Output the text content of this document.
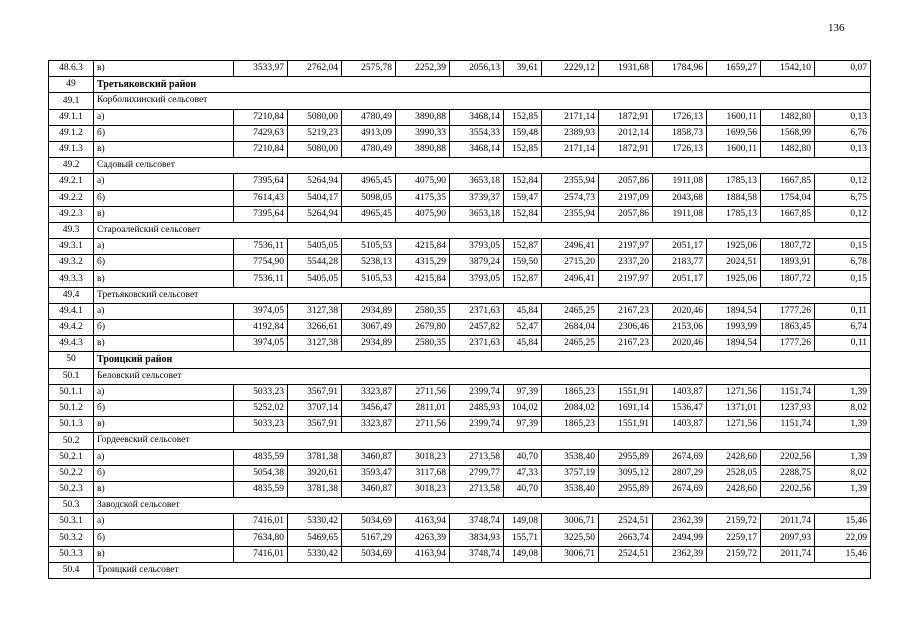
136
48.6.3	в)	3533,97	2762,04	2575,78	2252,39	2056,13	39,61	2229,12	1931,68	1784,96	1659,27	1542,10	0,07
49	Третьяковский район												
49.1	Корболихинский сельсовет												
49.1.1	а)	7210,84	5080,00	4780,49	3890,88	3468,14	152,85	2171,14	1872,91	1726,13	1600,11	1482,80	0,13
49.1.2	б)	7429,63	5219,23	4913,09	3990,33	3554,33	159,48	2389,93	2012,14	1858,73	1699,56	1568,99	6,76
49.1.3	в)	7210,84	5080,00	4780,49	3890,88	3468,14	152,85	2171,14	1872,91	1726,13	1600,11	1482,80	0,13
49.2	Садовый сельсовет												
49.2.1	а)	7395,64	5264,94	4965,45	4075,90	3653,18	152,84	2355,94	2057,86	1911,08	1785,13	1667,85	0,12
49.2.2	б)	7614,43	5404,17	5098,05	4175,35	3739,37	159,47	2574,73	2197,09	2043,68	1884,58	1754,04	6,75
49.2.3	в)	7395,64	5264,94	4965,45	4075,90	3653,18	152,84	2355,94	2057,86	1911,08	1785,13	1667,85	0,12
49.3	Староалейский сельсовет												
49.3.1	а)	7536,11	5405,05	5105,53	4215,84	3793,05	152,87	2496,41	2197,97	2051,17	1925,06	1807,72	0,15
49.3.2	б)	7754,90	5544,28	5238,13	4315,29	3879,24	159,50	2715,20	2337,20	2183,77	2024,51	1893,91	6,78
49.3.3	в)	7536,11	5405,05	5105,53	4215,84	3793,05	152,87	2496,41	2197,97	2051,17	1925,06	1807,72	0,15
49.4	Третьяковский сельсовет												
49.4.1	а)	3974,05	3127,38	2934,89	2580,35	2371,63	45,84	2465,25	2167,23	2020,46	1894,54	1777,26	0,11
49.4.2	б)	4192,84	3266,61	3067,49	2679,80	2457,82	52,47	2684,04	2306,46	2153,06	1993,99	1863,45	6,74
49.4.3	в)	3974,05	3127,38	2934,89	2580,35	2371,63	45,84	2465,25	2167,23	2020,46	1894,54	1777,26	0,11
50	Троицкий район												
50.1	Беловский сельсовет												
50.1.1	а)	5033,23	3567,91	3323,87	2711,56	2399,74	97,39	1865,23	1551,91	1403,87	1271,56	1151,74	1,39
50.1.2	б)	5252,02	3707,14	3456,47	2811,01	2485,93	104,02	2084,02	1691,14	1536,47	1371,01	1237,93	8,02
50.1.3	в)	5033,23	3567,91	3323,87	2711,56	2399,74	97,39	1865,23	1551,91	1403,87	1271,56	1151,74	1,39
50.2	Гордеевский сельсовет												
50.2.1	а)	4835,59	3781,38	3460,87	3018,23	2713,58	40,70	3538,40	2955,89	2674,69	2428,60	2202,56	1,39
50.2.2	б)	5054,38	3920,61	3593,47	3117,68	2799,77	47,33	3757,19	3095,12	2807,29	2528,05	2288,75	8,02
50.2.3	в)	4835,59	3781,38	3460,87	3018,23	2713,58	40,70	3538,40	2955,89	2674,69	2428,60	2202,56	1,39
50.3	Заводской сельсовет												
50.3.1	а)	7416,01	5330,42	5034,69	4163,94	3748,74	149,08	3006,71	2524,51	2362,39	2159,72	2011,74	15,46
50.3.2	б)	7634,80	5469,65	5167,29	4263,39	3834,93	155,71	3225,50	2663,74	2494,99	2259,17	2097,93	22,09
50.3.3	в)	7416,01	5330,42	5034,69	4163,94	3748,74	149,08	3006,71	2524,51	2362,39	2159,72	2011,74	15,46
50.4	Троицкий сельсовет												
